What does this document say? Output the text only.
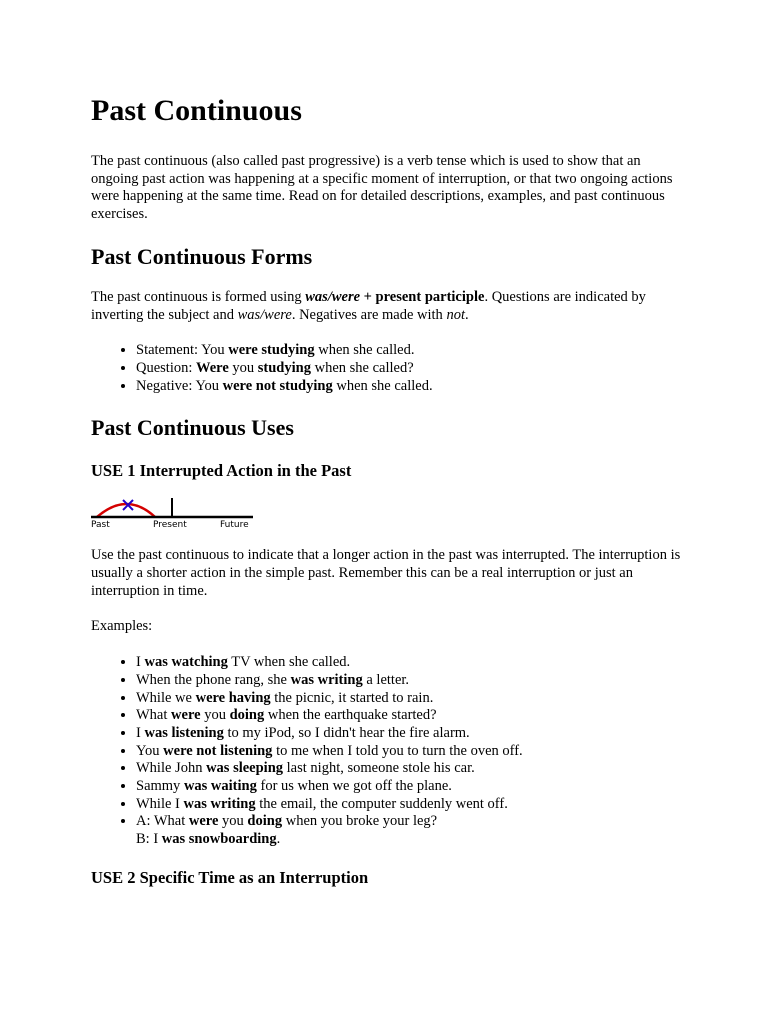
Past Continuous

The past continuous (also called past progressive) is a verb tense which is used to show that an ongoing past action was happening at a specific moment of interruption, or that two ongoing actions were happening at the same time. Read on for detailed descriptions, examples, and past continuous exercises.

Past Continuous Forms

The past continuous is formed using was/were + present participle. Questions are indicated by inverting the subject and was/were. Negatives are made with not.

• Statement: You were studying when she called.
• Question: Were you studying when she called?
• Negative: You were not studying when she called.
Past Continuous Uses
USE 1 Interrupted Action in the Past
Past	Present	Future

Use the past continuous to indicate that a longer action in the past was interrupted. The interruption is usually a shorter action in the simple past. Remember this can be a real interruption or just an interruption in time.

Examples:

• I was watching TV when she called.
• When the phone rang, she was writing a letter.
• While we were having the picnic, it started to rain.
• What were you doing when the earthquake started?
• I was listening to my iPod, so I didn't hear the fire alarm.
• You were not listening to me when I told you to turn the oven off.
• While John was sleeping last night, someone stole his car.
• Sammy was waiting for us when we got off the plane.
• While I was writing the email, the computer suddenly went off.
• A: What were you doing when you broke your leg?
B: I was snowboarding.
USE 2 Specific Time as an Interruption
